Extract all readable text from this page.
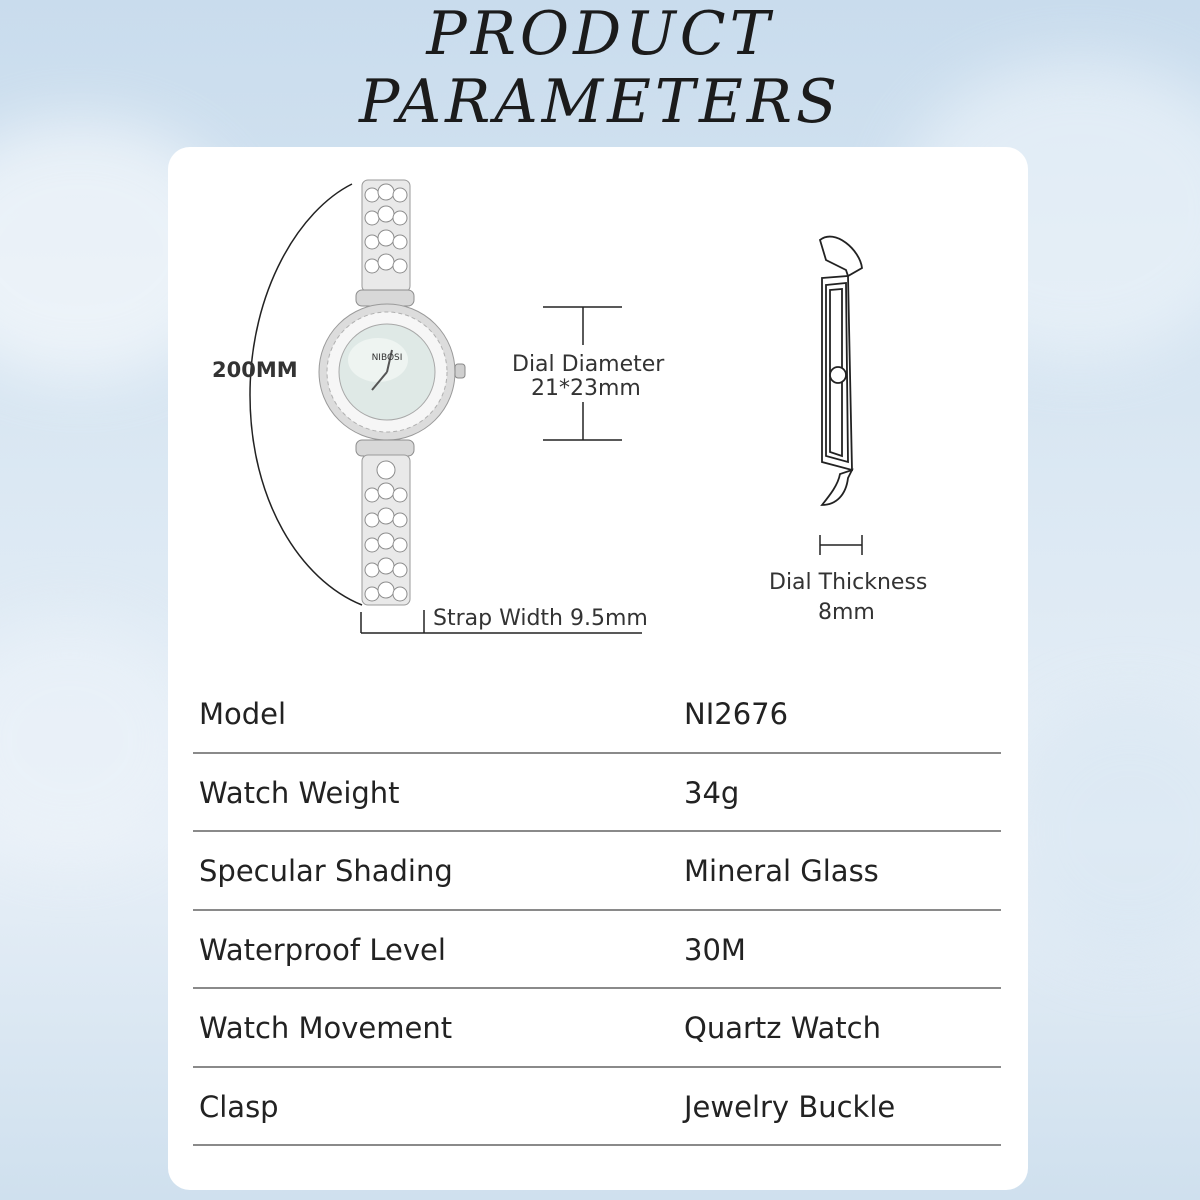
PRODUCT
PARAMETERS
NIBOSI
200MM	Dial Diameter
21*23mm
Strap Width 9.5mm
Dial Thickness
8mm
Model	NI2676
Watch Weight	34g
Specular Shading	Mineral Glass
Waterproof Level	30M
Watch Movement	Quartz Watch
Clasp	Jewelry Buckle
